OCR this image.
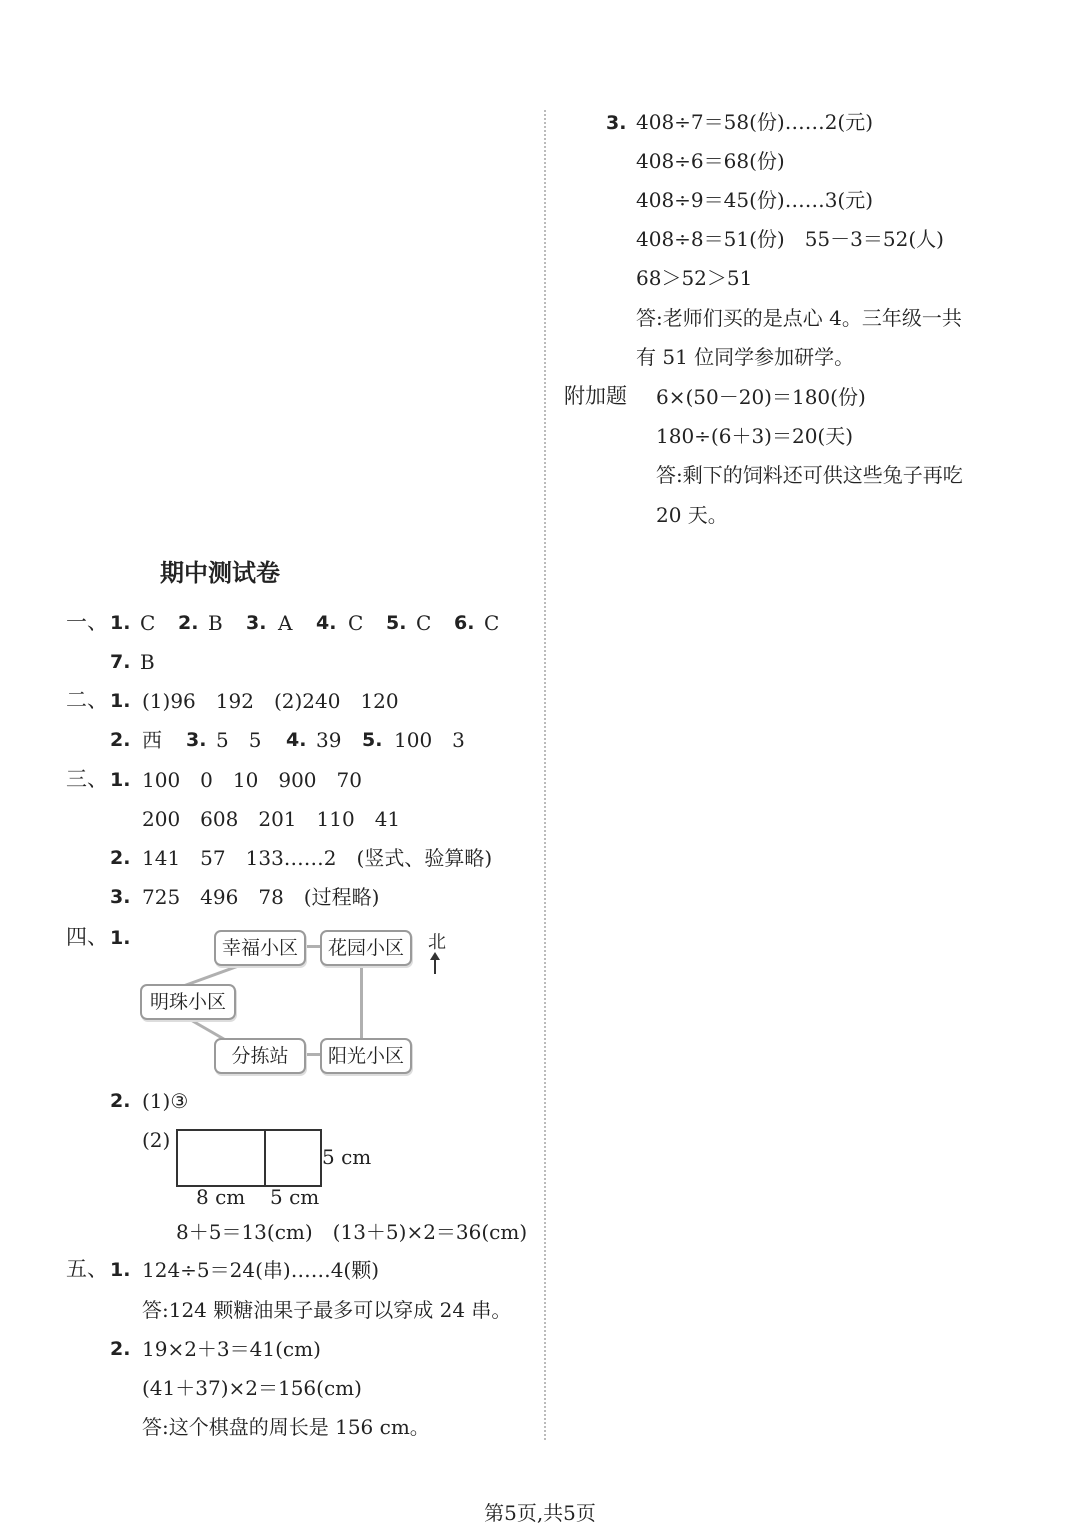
3. 408÷7＝58(份)……2(元)
408÷6＝68(份)
408÷9＝45(份)……3(元)
408÷8＝51(份)　55－3＝52(人)
68＞52＞51
答:老师们买的是点心 4。三年级一共
有 51 位同学参加研学。
附加题 6×(50－20)＝180(份)
180÷(6＋3)＝20(天)
答:剩下的饲料还可供这些兔子再吃
20 天。
期中测试卷
一、 1. C 2. B 3. A 4. C 5. C 6. C
7. B
二、 1. (1)96　192　(2)240　120
2. 西 3. 5　5 4. 39 5. 100　3
三、 1. 100　0　10　900　70
200　608　201　110　41
2. 141　57　133……2　(竖式、验算略)
3. 725　496　78　(过程略)
四、 1.	幸福小区	花园小区
明珠小区
分拣站	阳光小区
北
2. (1)③
(2)
5 cm
8 cm 5 cm
8＋5＝13(cm)　(13＋5)×2＝36(cm)
五、 1. 124÷5＝24(串)……4(颗)
答:124 颗糖油果子最多可以穿成 24 串。
2. 19×2＋3＝41(cm)
(41＋37)×2＝156(cm)
答:这个棋盘的周长是 156 cm。
第5页,共5页
